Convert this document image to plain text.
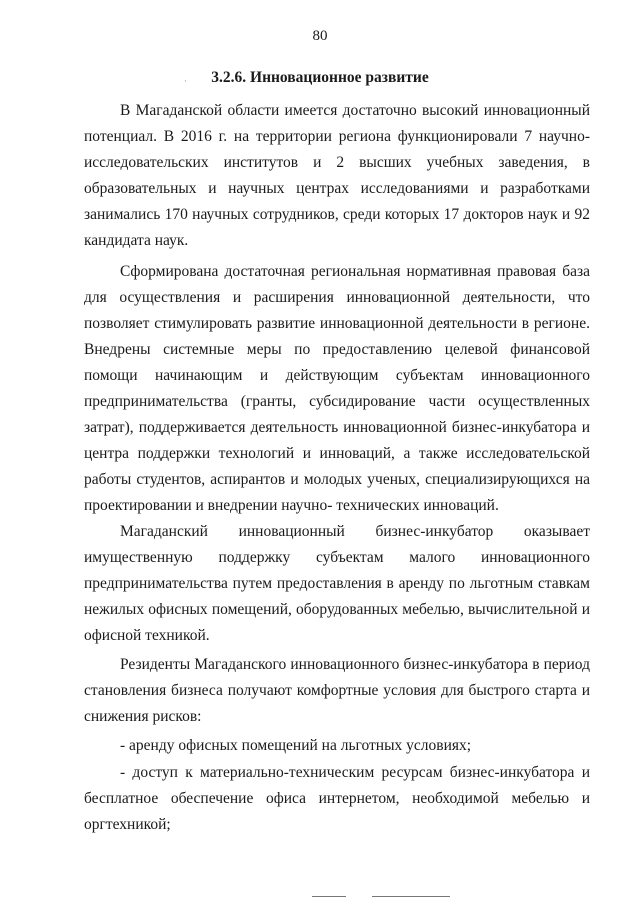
80
·	3.2.6. Инновационное развитие

В Магаданской области имеется достаточно высокий инновационный потенциал. В 2016 г. на территории региона функционировали 7 научно-исследовательских институтов и 2 высших учебных заведения, в образовательных и научных центрах исследованиями и разработками занимались 170 научных сотрудников, среди которых 17 докторов наук и 92 кандидата наук.

Сформирована достаточная региональная нормативная правовая база для осуществления и расширения инновационной деятельности, что позволяет стимулировать развитие инновационной деятельности в регионе. Внедрены системные меры по предоставлению целевой финансовой помощи начинающим и действующим субъектам инновационного предпринимательства (гранты, субсидирование части осуществленных затрат), поддерживается деятельность инновационной бизнес-инкубатора и центра поддержки технологий и инноваций, а также исследовательской работы студентов, аспирантов и молодых ученых, специализирующихся на проектировании и внедрении научно- технических инноваций.

Магаданский инновационный бизнес-инкубатор оказывает имущественную поддержку субъектам малого инновационного предпринимательства путем предоставления в аренду по льготным ставкам нежилых офисных помещений, оборудованных мебелью, вычислительной и офисной техникой.

Резиденты Магаданского инновационного бизнес-инкубатора в период становления бизнеса получают комфортные условия для быстрого старта и снижения рисков:

- аренду офисных помещений на льготных условиях;

- доступ к материально-техническим ресурсам бизнес-инкубатора и бесплатное обеспечение офиса интернетом, необходимой мебелью и оргтехникой;
